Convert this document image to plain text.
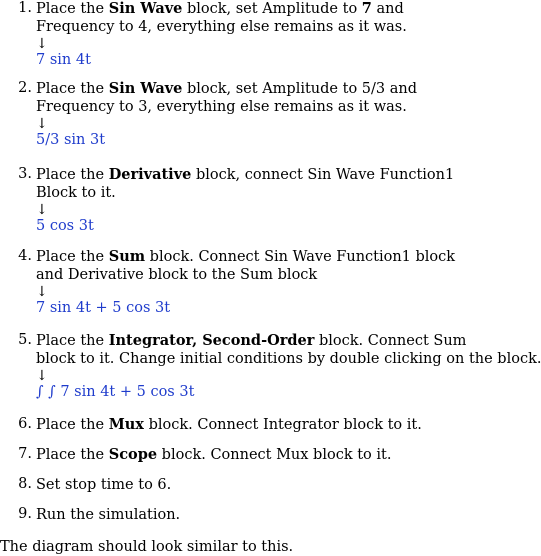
1. Place the Sin Wave block, set Amplitude to 7 and
Frequency to 4, everything else remains as it was.
↓
7 sin 4t
2. Place the Sin Wave block, set Amplitude to 5/3 and
Frequency to 3, everything else remains as it was.
↓
5/3 sin 3t
3. Place the Derivative block, connect Sin Wave Function1
Block to it.
↓
5 cos 3t
4. Place the Sum block. Connect Sin Wave Function1 block
and Derivative block to the Sum block
↓
7 sin 4t + 5 cos 3t
5. Place the Integrator, Second-Order block. Connect Sum
block to it. Change initial conditions by double clicking on the block.
↓
∫ ∫ 7 sin 4t + 5 cos 3t
6. Place the Mux block. Connect Integrator block to it.
7. Place the Scope block. Connect Mux block to it.
8. Set stop time to 6.
9. Run the simulation.
The diagram should look similar to this.
